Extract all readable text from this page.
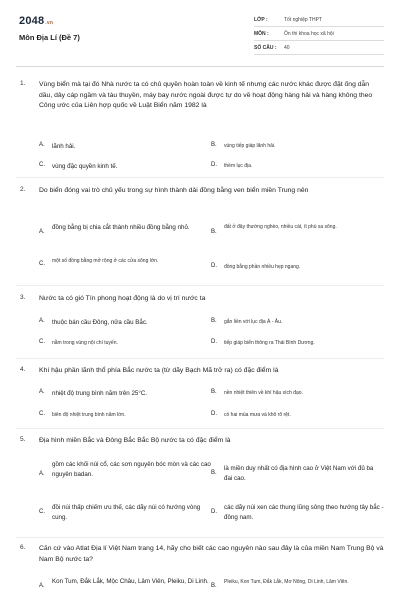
2048.vn
Môn Địa Lí (Đề 7)
LỚP :	Tốt nghiệp THPT
MÔN :	Ôn thi khoa học xã hội
SỐ CÂU :	40
1. Vùng biển mà tại đó Nhà nước ta có chủ quyền hoàn toàn về kinh tế nhưng các nước khác được đặt ống dẫn dầu, dây cáp ngầm và tàu thuyền, máy bay nước ngoài được tự do về hoạt động hàng hải và hàng không theo Công ước của Liên hợp quốc về Luật Biển năm 1982 là
A. lãnh hải.	B. vùng tiếp giáp lãnh hải.
C. vùng đặc quyền kinh tế.	D. thềm lục địa.
2. Do biển đóng vai trò chủ yếu trong sự hình thành dải đồng bằng ven biển miền Trung nên
A.
đồng bằng bị chia cắt thành nhiều đồng bằng nhỏ.
B.
đất ở đây thường nghèo, nhiều cát, ít phù sa sông.
C. một số đồng bằng mở rộng ở các cửa sông lớn.
D. đồng bằng phần nhiều hẹp ngang.
3. Nước ta có gió Tín phong hoạt động là do vị trí nước ta
A. thuộc bán cầu Đông, nửa cầu Bắc.	B. gắn liền với lục địa Á - Âu.
C. nằm trong vùng nội chí tuyến.	D. tiếp giáp biển thông ra Thái Bình Dương.
4. Khí hậu phần lãnh thổ phía Bắc nước ta (từ dãy Bạch Mã trở ra) có đặc điểm là
A. nhiệt độ trung bình năm trên 25°C.	B. nền nhiệt thiên về khí hậu xích đạo.
C. biên độ nhiệt trung bình năm lớn.	D. có hai mùa mưa và khô rõ rệt.
5. Địa hình miền Bắc và Đông Bắc Bắc Bộ nước ta có đặc điểm là
A.
gồm các khối núi cổ, các sơn nguyên bóc mòn và các cao nguyên badan.	B.
là miền duy nhất có địa hình cao ở Việt Nam với đủ ba đai cao.
C.
đồi núi thấp chiếm ưu thế, các dãy núi có hướng vòng cung.
D.
các dãy núi xen các thung lũng sông theo hướng tây bắc - đông nam.
6. Căn cứ vào Atlat Địa lí Việt Nam trang 14, hãy cho biết các cao nguyên nào sau đây là của miền Nam Trung Bộ và Nam Bộ nước ta?
A.
Kon Tum, Đắk Lắk, Mộc Châu, Lâm Viên, Pleiku, Di Linh.
B.
Pleiku, Kon Tum, Đắk Lắk, Mơ Nông, Di Linh, Lâm Viên.
